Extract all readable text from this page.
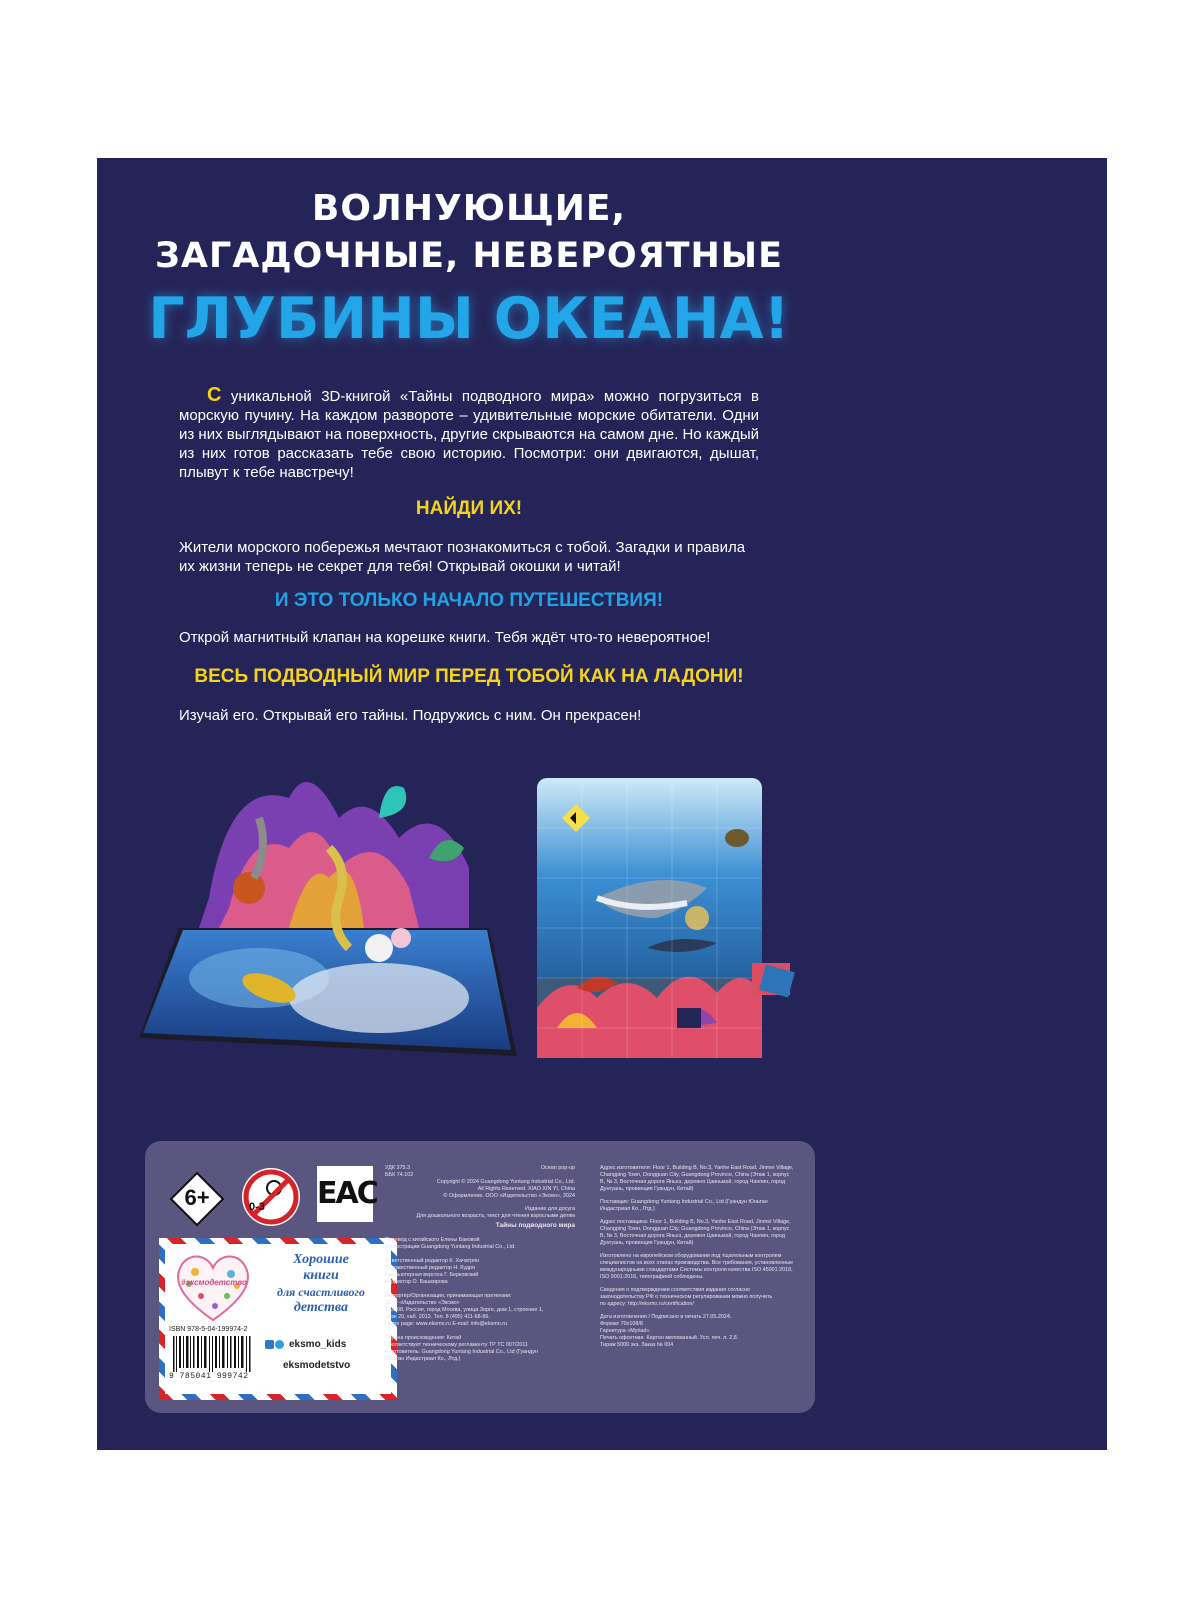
ВОЛНУЮЩИЕ,
ЗАГАДОЧНЫЕ, НЕВЕРОЯТНЫЕ
ГЛУБИНЫ ОКЕАНА!
С уникальной 3D-книгой «Тайны подводного мира» можно погрузиться в морскую пучину. На каждом развороте – удивительные морские обитатели. Одни из них выглядывают на поверхность, другие скрываются на самом дне. Но каждый из них готов рассказать тебе свою историю. Посмотри: они двигаются, дышат, плывут к тебе навстречу!
НАЙДИ ИХ!
Жители морского побережья мечтают познакомиться с тобой. Загадки и правила их жизни теперь не секрет для тебя! Открывай окошки и читай!
И ЭТО ТОЛЬКО НАЧАЛО ПУТЕШЕСТВИЯ!
Открой магнитный клапан на корешке книги. Тебя ждёт что-то невероятное!
ВЕСЬ ПОДВОДНЫЙ МИР ПЕРЕД ТОБОЙ КАК НА ЛАДОНИ!
Изучай его. Открывай его тайны. Подружись с ним. Он прекрасен!
6+	0-3 EAC
#эксмодетство
Хорошие
книги
для счастливого
детства
ISBN 978-5-04-199974-2
9 785041 999742
eksmo_kids
eksmodetstvo
УДК 375.3
ББК 74.102
Ocean pop-up
Copyright © 2024 Guangdong Yuntang Industrial Co., Ltd.
All Rights Reserved. XIAO XIN YI, China
© Оформление. ООО «Издательство «Эксмо», 2024
Издание для досуга
Для дошкольного возраста, текст для чтения взрослыми детям
Тайны подводного мира
Перевод с китайского Елены Баковой
Иллюстрации Guangdong Yuntang Industrial Co., Ltd.

Ответственный редактор К. Хачатрян
Художественный редактор Н. Кудря
Компьютерная верстка Г. Берковский
Корректор О. Башкирова
Импортёр/Организация, принимающая претензии:
ООО «Издательство «Эксмо»
123308, Россия, город Москва, улица Зорге, дом 1, строение 1,
этаж 20, каб. 2013. Тел. 8 (495) 411-68-86.
Home page: www.eksmo.ru E-mail: info@eksmo.ru
Страна происхождения: Китай
Соответствует техническому регламенту ТР ТС 007/2011
Изготовитель: Guangdong Yuntang Industrial Co., Ltd (Гуандун
Юньтан Индастриал Ко., Лтд.)
Адрес изготовителя: Floor 1, Building B, No.3, Yanhe East Road, Jinmei Village, Changping Town, Dongguan City, Guangdong Province, China (Этаж 1, корпус B, № 3, Восточная дорога Яньхэ, деревня Цзиньмэй, город Чанпин, город Дунгуань, провинция Гуандун, Китай)
Поставщик: Guangdong Yuntang Industrial Co., Ltd (Гуандун Юньтан Индастриал Ко., Лтд.)
Адрес поставщика: Floor 1, Building B, No.3, Yanhe East Road, Jinmei Village, Changping Town, Dongguan City, Guangdong Province, China (Этаж 1, корпус B, № 3, Восточная дорога Яньхэ, деревня Цзиньмэй, город Чанпин, город Дунгуань, провинция Гуандун, Китай)
Изготовлено на европейском оборудовании под тщательным контролем специалистов на всех этапах производства. Все требования, установленные международными стандартами Системы контроля качества ISO 45001:2018, ISO 9001:2016, типографией соблюдены.
Сведения о подтверждении соответствия издания согласно законодательству РФ о техническом регулировании можно получить
по адресу: http://eksmo.ru/certification/
Дата изготовления / Подписано в печать 27.05.2024.
Формат 70х108/8
Гарнитура «Myriad».
Печать офсетная. Картон мелованный. Усл. печ. л. 2,8.
Тираж 5000 экз. Заказ № 004
